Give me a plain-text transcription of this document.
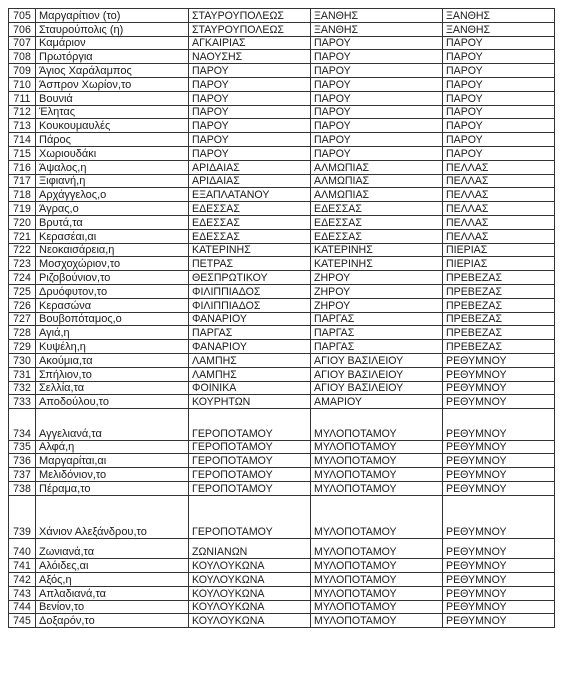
705	Μαργαρίτιον (το)	ΣΤΑΥΡΟΥΠΟΛΕΩΣ	ΞΑΝΘΗΣ	ΞΑΝΘΗΣ
706	Σταυρούπολις (η)	ΣΤΑΥΡΟΥΠΟΛΕΩΣ	ΞΑΝΘΗΣ	ΞΑΝΘΗΣ
707	Καμάριον	ΑΓΚΑΙΡΙΑΣ	ΠΑΡΟΥ	ΠΑΡΟΥ
708	Πρωτόργια	ΝΑΟΥΣΗΣ	ΠΑΡΟΥ	ΠΑΡΟΥ
709	Άγιος Χαράλαμπος	ΠΑΡΟΥ	ΠΑΡΟΥ	ΠΑΡΟΥ
710	Άσπρον Χωρίον,το	ΠΑΡΟΥ	ΠΑΡΟΥ	ΠΑΡΟΥ
711	Βουνιά	ΠΑΡΟΥ	ΠΑΡΟΥ	ΠΑΡΟΥ
712	Έλητας	ΠΑΡΟΥ	ΠΑΡΟΥ	ΠΑΡΟΥ
713	Κουκουμαυλές	ΠΑΡΟΥ	ΠΑΡΟΥ	ΠΑΡΟΥ
714	Πάρος	ΠΑΡΟΥ	ΠΑΡΟΥ	ΠΑΡΟΥ
715	Χωριουδάκι	ΠΑΡΟΥ	ΠΑΡΟΥ	ΠΑΡΟΥ
716	Άψαλος,η	ΑΡΙΔΑΙΑΣ	ΑΛΜΩΠΙΑΣ	ΠΕΛΛΑΣ
717	Ξιφιανή,η	ΑΡΙΔΑΙΑΣ	ΑΛΜΩΠΙΑΣ	ΠΕΛΛΑΣ
718	Αρχάγγελος,ο	ΕΞΑΠΛΑΤΑΝΟΥ	ΑΛΜΩΠΙΑΣ	ΠΕΛΛΑΣ
719	Άγρας,ο	ΕΔΕΣΣΑΣ	ΕΔΕΣΣΑΣ	ΠΕΛΛΑΣ
720	Βρυτά,τα	ΕΔΕΣΣΑΣ	ΕΔΕΣΣΑΣ	ΠΕΛΛΑΣ
721	Κερασέαι,αι	ΕΔΕΣΣΑΣ	ΕΔΕΣΣΑΣ	ΠΕΛΛΑΣ
722	Νεοκαισάρεια,η	ΚΑΤΕΡΙΝΗΣ	ΚΑΤΕΡΙΝΗΣ	ΠΙΕΡΙΑΣ
723	Μοσχοχώριον,το	ΠΕΤΡΑΣ	ΚΑΤΕΡΙΝΗΣ	ΠΙΕΡΙΑΣ
724	Ριζοβούνιον,το	ΘΕΣΠΡΩΤΙΚΟΥ	ΖΗΡΟΥ	ΠΡΕΒΕΖΑΣ
725	Δρυόφυτον,το	ΦΙΛΙΠΠΙΑΔΟΣ	ΖΗΡΟΥ	ΠΡΕΒΕΖΑΣ
726	Κερασώνα	ΦΙΛΙΠΠΙΑΔΟΣ	ΖΗΡΟΥ	ΠΡΕΒΕΖΑΣ
727	Βουβοπόταμος,ο	ΦΑΝΑΡΙΟΥ	ΠΑΡΓΑΣ	ΠΡΕΒΕΖΑΣ
728	Αγιά,η	ΠΑΡΓΑΣ	ΠΑΡΓΑΣ	ΠΡΕΒΕΖΑΣ
729	Κυψέλη,η	ΦΑΝΑΡΙΟΥ	ΠΑΡΓΑΣ	ΠΡΕΒΕΖΑΣ
730	Ακούμια,τα	ΛΑΜΠΗΣ	ΑΓΙΟΥ ΒΑΣΙΛΕΙΟΥ	ΡΕΘΥΜΝΟΥ
731	Σπήλιον,το	ΛΑΜΠΗΣ	ΑΓΙΟΥ ΒΑΣΙΛΕΙΟΥ	ΡΕΘΥΜΝΟΥ
732	Σελλία,τα	ΦΟΙΝΙΚΑ	ΑΓΙΟΥ ΒΑΣΙΛΕΙΟΥ	ΡΕΘΥΜΝΟΥ
733	Αποδούλου,το	ΚΟΥΡΗΤΩΝ	ΑΜΑΡΙΟΥ	ΡΕΘΥΜΝΟΥ
734	Αγγελιανά,τα	ΓΕΡΟΠΟΤΑΜΟΥ	ΜΥΛΟΠΟΤΑΜΟΥ	ΡΕΘΥΜΝΟΥ
735	Αλφά,η	ΓΕΡΟΠΟΤΑΜΟΥ	ΜΥΛΟΠΟΤΑΜΟΥ	ΡΕΘΥΜΝΟΥ
736	Μαργαρίται,αι	ΓΕΡΟΠΟΤΑΜΟΥ	ΜΥΛΟΠΟΤΑΜΟΥ	ΡΕΘΥΜΝΟΥ
737	Μελιδόνιον,το	ΓΕΡΟΠΟΤΑΜΟΥ	ΜΥΛΟΠΟΤΑΜΟΥ	ΡΕΘΥΜΝΟΥ
738	Πέραμα,το	ΓΕΡΟΠΟΤΑΜΟΥ	ΜΥΛΟΠΟΤΑΜΟΥ	ΡΕΘΥΜΝΟΥ
739	Χάνιον Αλεξάνδρου,το	ΓΕΡΟΠΟΤΑΜΟΥ	ΜΥΛΟΠΟΤΑΜΟΥ	ΡΕΘΥΜΝΟΥ
740	Ζωνιανά,τα	ΖΩΝΙΑΝΩΝ	ΜΥΛΟΠΟΤΑΜΟΥ	ΡΕΘΥΜΝΟΥ
741	Αλόιδες,αι	ΚΟΥΛΟΥΚΩΝΑ	ΜΥΛΟΠΟΤΑΜΟΥ	ΡΕΘΥΜΝΟΥ
742	Αξός,η	ΚΟΥΛΟΥΚΩΝΑ	ΜΥΛΟΠΟΤΑΜΟΥ	ΡΕΘΥΜΝΟΥ
743	Απλαδιανά,τα	ΚΟΥΛΟΥΚΩΝΑ	ΜΥΛΟΠΟΤΑΜΟΥ	ΡΕΘΥΜΝΟΥ
744	Βενίον,το	ΚΟΥΛΟΥΚΩΝΑ	ΜΥΛΟΠΟΤΑΜΟΥ	ΡΕΘΥΜΝΟΥ
745	Δοξαρόν,το	ΚΟΥΛΟΥΚΩΝΑ	ΜΥΛΟΠΟΤΑΜΟΥ	ΡΕΘΥΜΝΟΥ
